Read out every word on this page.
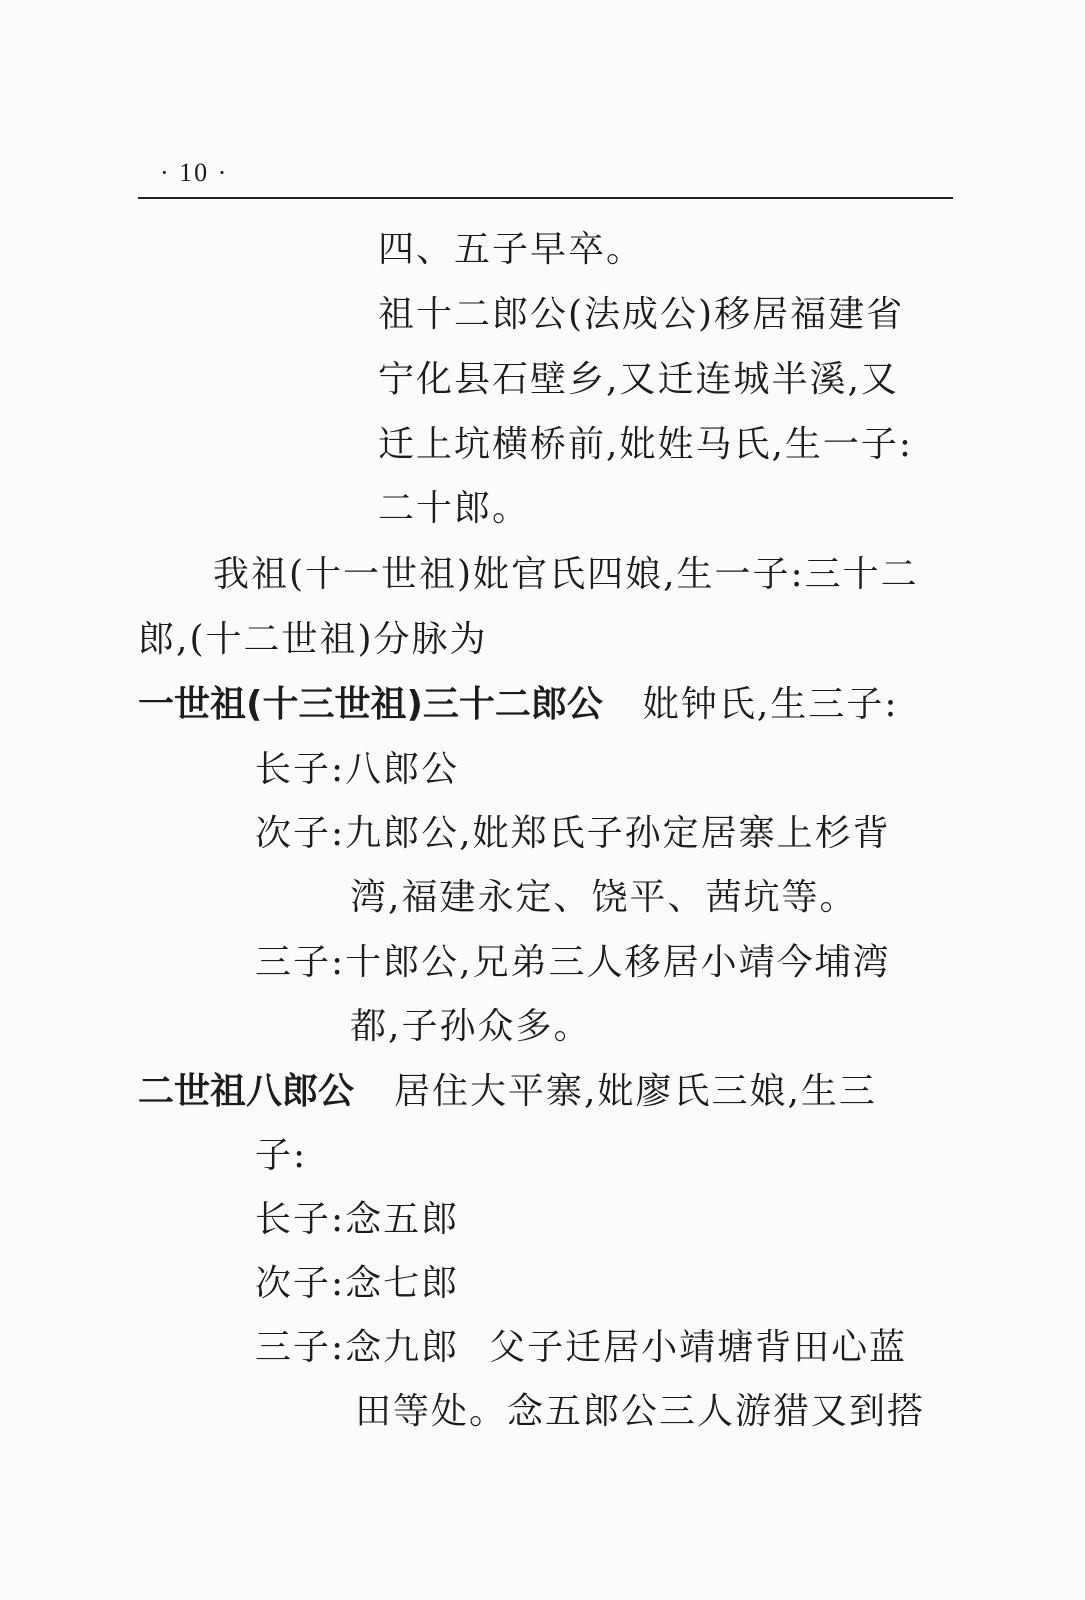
· 10 ·
四、五子早卒。
祖十二郎公(法成公)移居福建省
宁化县石壁乡,又迁连城半溪,又
迁上坑横桥前,妣姓马氏,生一子:
二十郎。
我祖(十一世祖)妣官氏四娘,生一子:三十二
郎,(十二世祖)分脉为
一世祖(十三世祖)三十二郎公 妣钟氏,生三子:
长子:八郎公
次子:九郎公,妣郑氏子孙定居寨上杉背
湾,福建永定、饶平、茜坑等。
三子:十郎公,兄弟三人移居小靖今埔湾
都,子孙众多。
二世祖八郎公 居住大平寨,妣廖氏三娘,生三
子:
长子:念五郎
次子:念七郎
三子:念九郎 父子迁居小靖塘背田心蓝
田等处。念五郎公三人游猎又到搭
